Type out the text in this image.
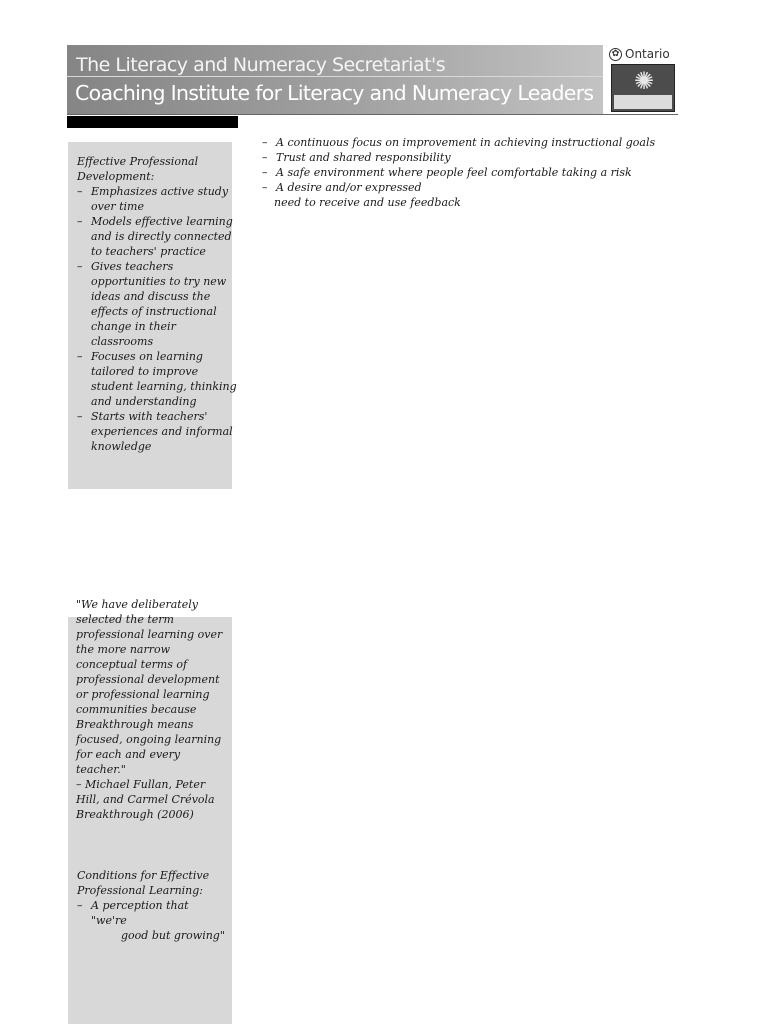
The Literacy and Numeracy Secretariat's
Coaching Institute for Literacy and Numeracy Leaders
✿ Ontario
✺
Effective Professional Development:
– Emphasizes active study over time
– Models effective learning and is directly connected to teachers' practice
– Gives teachers opportunities to try new ideas and discuss the effects of instructional change in their classrooms
– Focuses on learning tailored to improve student learning, thinking and understanding
– Starts with teachers' experiences and informal knowledge
"We have deliberately selected the term professional learning over the more narrow conceptual terms of professional development or professional learning communities because Breakthrough means focused, ongoing learning for each and every teacher."
– Michael Fullan, Peter Hill, and Carmel Crévola Breakthrough (2006)
Conditions for Effective Professional Learning:
– A perception that "we're
good but growing"
– A continuous focus on improvement in achieving instructional goals
– Trust and shared responsibility
– A safe environment where people feel comfortable taking a risk
– A desire and/or expressed
need to receive and use feedback
